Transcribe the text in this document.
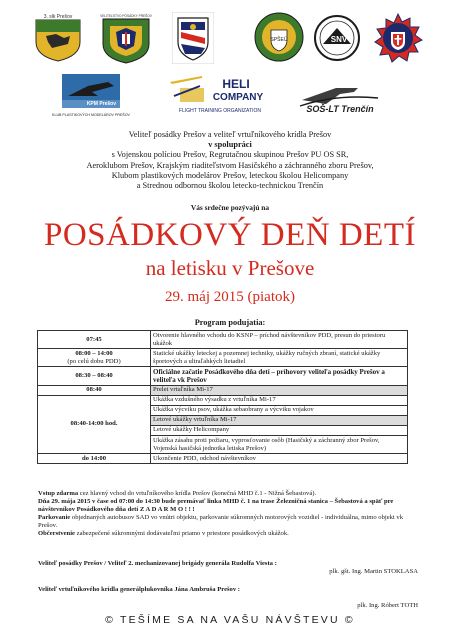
3. slk Prešov	VELITEĽSTVO POSÁDKY PREŠOV
SPŠEÚ	SNV
KPM Prešov
KLUB PLASTIKOVÝCH MODELÁROV PREŠOV
HELI
COMPANY
FLIGHT TRAINING ORGANIZATION	SOŠ-LT Trenčín
Veliteľ posádky Prešov a veliteľ vrtuľníkového krídla Prešov
v spolupráci
s Vojenskou políciou Prešov, Regrutačnou skupinou Prešov PU OS SR,
Aeroklubom Prešov, Krajským riaditeľstvom Hasičského a záchranného zboru Prešov,
Klubom plastikových modelárov Prešov, leteckou školou Helicompany
a Strednou odbornou školou letecko-technickou Trenčín
Vás srdečne pozývajú na
POSÁDKOVÝ DEŇ DETÍ
na letisku v Prešove
29. máj 2015 (piatok)
Program podujatia:
07:45	Otvorenie hlavného vchodu do KSNP – príchod návštevníkov PDD, presun do priestoru ukážok

08:00 – 14:00
(po celú dobu PDD)	Statické ukážky leteckej a pozemnej techniky, ukážky ručných zbraní, statické ukážky športových a ultraľahkých lietadiel
08:30 – 08:40	Oficiálne začatie Posádkového dňa detí – príhovory veliteľa posádky Prešov a veliteľa vk Prešov
08:40	Prelet vrtuľníka Mi-17
08:40-14:00 hod.	Ukážka vzdušného výsadku z vrtuľníka Mi-17
	Ukážka výcviku psov, ukážka sebaobrany a výcviku vojakov
	Letové ukážky vrtuľníka Mi-17
	Letové ukážky Helicompany
	Ukážka zásahu proti požiaru, vyprosťovanie osôb (Hasičský a záchranný zbor Prešov, Vojenská hasičská jednotka letiska Prešov)
do 14:00	Ukončenie PDD, odchod návštevníkov
Vstup zdarma cez hlavný vchod do vrtuľníkového krídla Prešov (konečná MHD č.1 - Nižná Šebastová).
Dňa 29. mája 2015 v čase od 07:00 do 14:30 bude premávať linka MHD č. 1 na trase Železničná stanica – Šebastová a späť pre návštevníkov Posádkového dňa detí Z A D A R M O ! ! !
Parkovanie objednaných autobusov SAD vo vnútri objektu, parkovanie súkromných motorových vozidiel - individuálna, mimo objekt vk Prešov.
Občerstvenie zabezpečené súkromnými dodávateľmi priamo v priestore posádkových ukážok.
Veliteľ posádky Prešov / Veliteľ 2. mechanizovanej brigády generála Rudolfa Viesta :
plk. gšt. Ing. Martin STOKLASA
Veliteľ vrtuľníkového krídla generálplukovníka Jána Ambruša Prešov :
plk. Ing. Róbert TOTH
© TEŠÍME SA NA VAŠU NÁVŠTEVU ©
